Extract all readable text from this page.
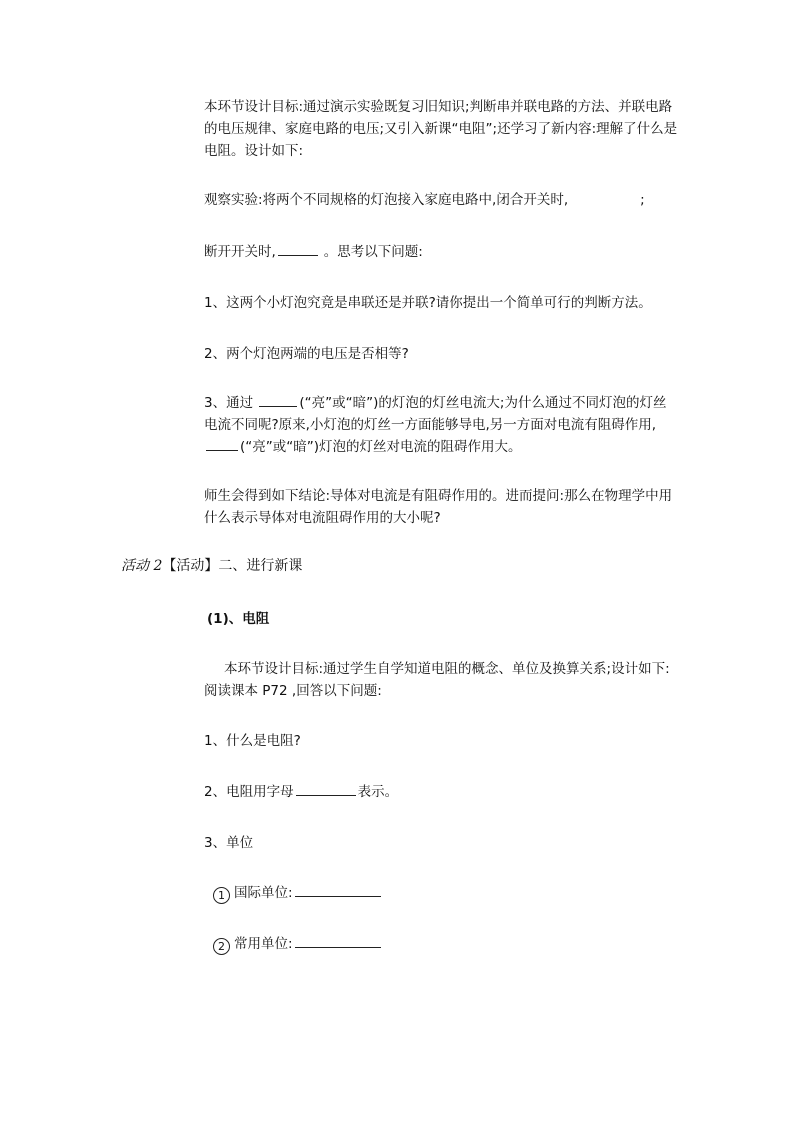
本环节设计目标:通过演示实验既复习旧知识;判断串并联电路的方法、并联电路的电压规律、家庭电路的电压;又引入新课“电阻”;还学习了新内容:理解了什么是电阻。设计如下:

观察实验:将两个不同规格的灯泡接入家庭电路中,闭合开关时,	;

断开开关时,	。思考以下问题:

1、这两个小灯泡究竟是串联还是并联?请你提出一个简单可行的判断方法。

2、两个灯泡两端的电压是否相等?

3、通过	(“亮”或“暗”)的灯泡的灯丝电流大;为什么通过不同灯泡的灯丝电流不同呢?原来,小灯泡的灯丝一方面能够导电,另一方面对电流有阻碍作用,(“亮”或“暗”)灯泡的灯丝对电流的阻碍作用大。

师生会得到如下结论:导体对电流是有阻碍作用的。进而提问:那么在物理学中用什么表示导体对电流阻碍作用的大小呢?

活动 2【活动】二、进行新课
(1)、电阻

本环节设计目标:通过学生自学知道电阻的概念、单位及换算关系;设计如下:

阅读课本 P72 ,回答以下问题:

1、什么是电阻?

2、电阻用字母	表示。

3、单位

1 国际单位:
2 常用单位:
